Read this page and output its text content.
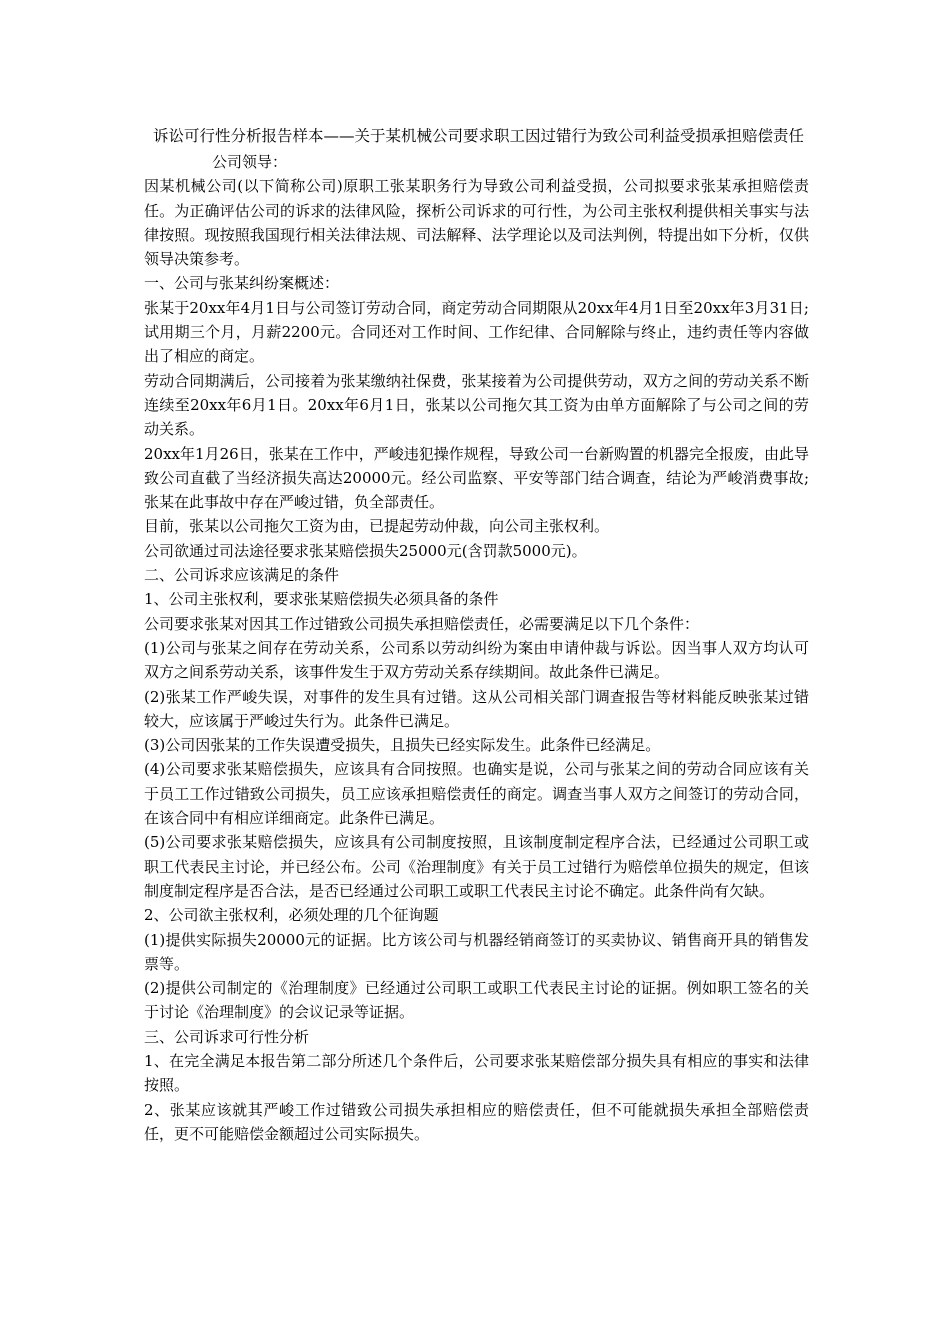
诉讼可行性分析报告样本——关于某机械公司要求职工因过错行为致公司利益受损承担赔偿责任
公司领导：
因某机械公司(以下简称公司)原职工张某职务行为导致公司利益受损，公司拟要求张某承担赔偿责任。为正确评估公司的诉求的法律风险，探析公司诉求的可行性，为公司主张权利提供相关事实与法律按照。现按照我国现行相关法律法规、司法解释、法学理论以及司法判例，特提出如下分析，仅供领导决策参考。
一、公司与张某纠纷案概述：
张某于20xx年4月1日与公司签订劳动合同，商定劳动合同期限从20xx年4月1日至20xx年3月31日;试用期三个月，月薪2200元。合同还对工作时间、工作纪律、合同解除与终止，违约责任等内容做出了相应的商定。
劳动合同期满后，公司接着为张某缴纳社保费，张某接着为公司提供劳动，双方之间的劳动关系不断连续至20xx年6月1日。20xx年6月1日，张某以公司拖欠其工资为由单方面解除了与公司之间的劳动关系。
20xx年1月26日，张某在工作中，严峻违犯操作规程，导致公司一台新购置的机器完全报废，由此导致公司直截了当经济损失高达20000元。经公司监察、平安等部门结合调查，结论为严峻消费事故;张某在此事故中存在严峻过错，负全部责任。
目前，张某以公司拖欠工资为由，已提起劳动仲裁，向公司主张权利。
公司欲通过司法途径要求张某赔偿损失25000元(含罚款5000元)。
二、公司诉求应该满足的条件
1、公司主张权利，要求张某赔偿损失必须具备的条件
公司要求张某对因其工作过错致公司损失承担赔偿责任，必需要满足以下几个条件：
(1)公司与张某之间存在劳动关系，公司系以劳动纠纷为案由申请仲裁与诉讼。因当事人双方均认可双方之间系劳动关系，该事件发生于双方劳动关系存续期间。故此条件已满足。
(2)张某工作严峻失误，对事件的发生具有过错。这从公司相关部门调查报告等材料能反映张某过错较大，应该属于严峻过失行为。此条件已满足。
(3)公司因张某的工作失误遭受损失，且损失已经实际发生。此条件已经满足。
(4)公司要求张某赔偿损失，应该具有合同按照。也确实是说，公司与张某之间的劳动合同应该有关于员工工作过错致公司损失，员工应该承担赔偿责任的商定。调查当事人双方之间签订的劳动合同，在该合同中有相应详细商定。此条件已满足。
(5)公司要求张某赔偿损失，应该具有公司制度按照，且该制度制定程序合法，已经通过公司职工或职工代表民主讨论，并已经公布。公司《治理制度》有关于员工过错行为赔偿单位损失的规定，但该制度制定程序是否合法，是否已经通过公司职工或职工代表民主讨论不确定。此条件尚有欠缺。
2、公司欲主张权利，必须处理的几个征询题
(1)提供实际损失20000元的证据。比方该公司与机器经销商签订的买卖协议、销售商开具的销售发票等。
(2)提供公司制定的《治理制度》已经通过公司职工或职工代表民主讨论的证据。例如职工签名的关于讨论《治理制度》的会议记录等证据。
三、公司诉求可行性分析
1、在完全满足本报告第二部分所述几个条件后，公司要求张某赔偿部分损失具有相应的事实和法律按照。
2、张某应该就其严峻工作过错致公司损失承担相应的赔偿责任，但不可能就损失承担全部赔偿责任，更不可能赔偿金额超过公司实际损失。
